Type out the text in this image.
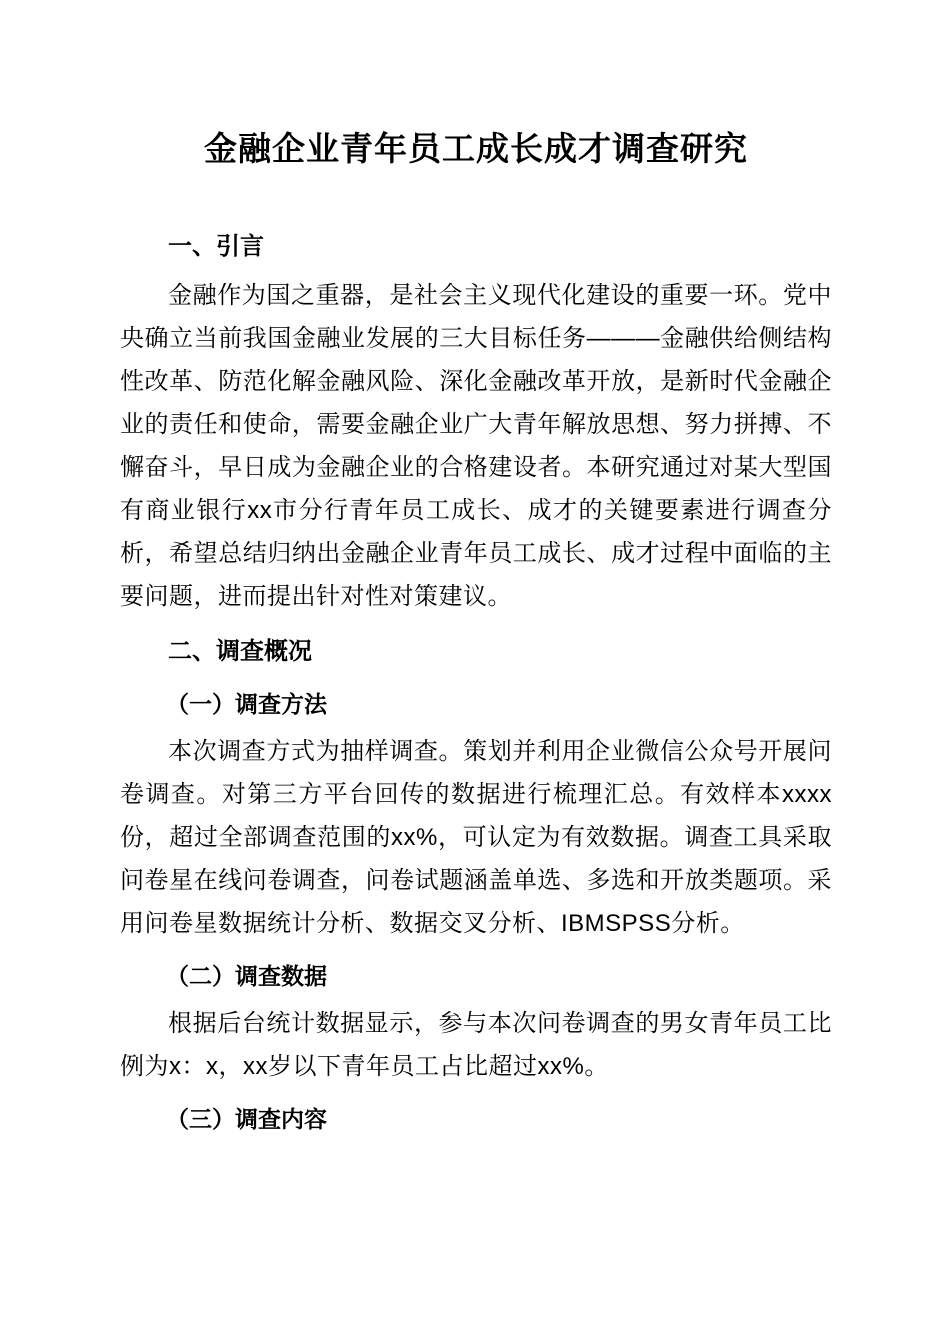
金融企业青年员工成长成才调查研究
一、引言

金融作为国之重器，是社会主义现代化建设的重要一环。党中央确立当前我国金融业发展的三大目标任务———金融供给侧结构性改革、防范化解金融风险、深化金融改革开放，是新时代金融企业的责任和使命，需要金融企业广大青年解放思想、努力拼搏、不懈奋斗，早日成为金融企业的合格建设者。本研究通过对某大型国有商业银行xx市分行青年员工成长、成才的关键要素进行调查分析，希望总结归纳出金融企业青年员工成长、成才过程中面临的主要问题，进而提出针对性对策建议。

二、调查概况
（一）调查方法

本次调查方式为抽样调查。策划并利用企业微信公众号开展问卷调查。对第三方平台回传的数据进行梳理汇总。有效样本xxxx份，超过全部调查范围的xx%，可认定为有效数据。调查工具采取问卷星在线问卷调查，问卷试题涵盖单选、多选和开放类题项。采用问卷星数据统计分析、数据交叉分析、IBMSPSS分析。

（二）调查数据

根据后台统计数据显示，参与本次问卷调查的男女青年员工比例为x：x，xx岁以下青年员工占比超过xx%。

（三）调查内容
